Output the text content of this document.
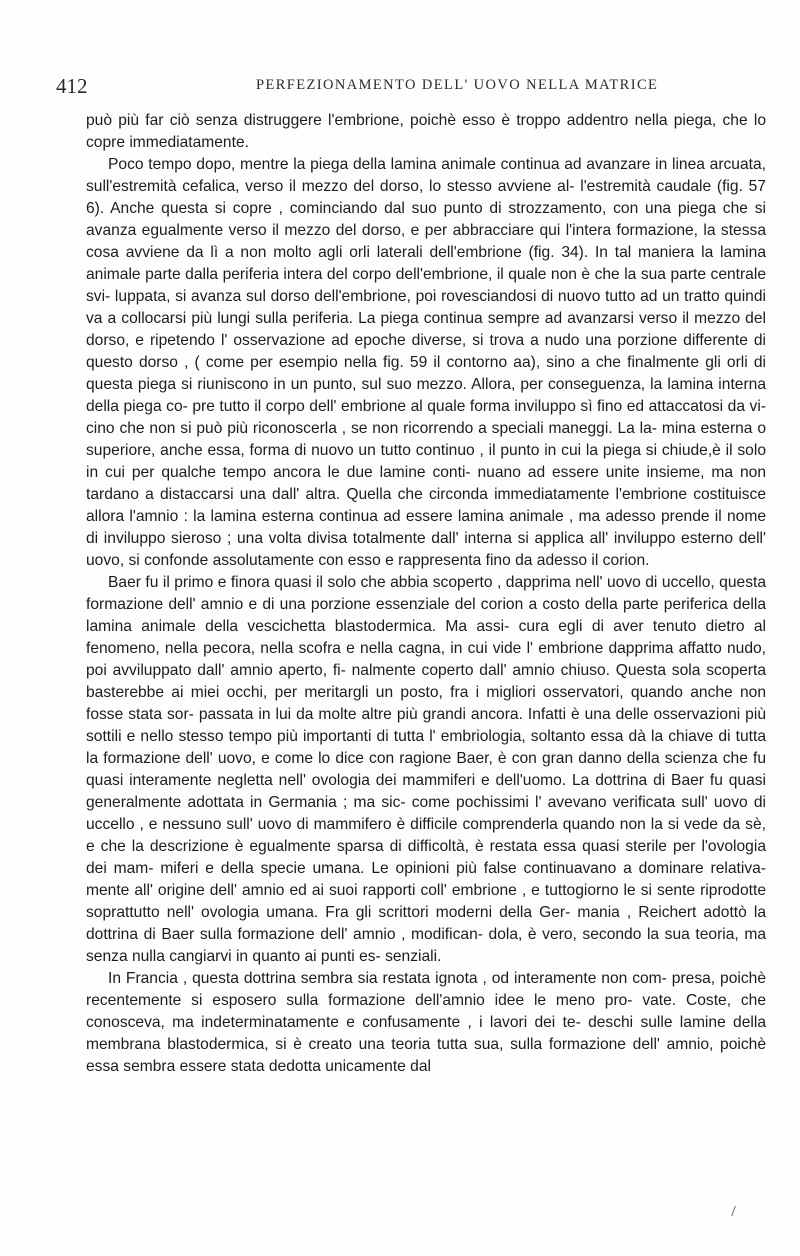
412	PERFEZIONAMENTO DELL' UOVO NELLA MATRICE

può più far ciò senza distruggere l'embrione, poichè esso è troppo addentro nella piega, che lo copre immediatamente.

Poco tempo dopo, mentre la piega della lamina animale continua ad avanzare in linea arcuata, sull'estremità cefalica, verso il mezzo del dorso, lo stesso avviene al- l'estremità caudale (fig. 57 6). Anche questa si copre , cominciando dal suo punto di strozzamento, con una piega che si avanza egualmente verso il mezzo del dorso, e per abbracciare qui l'intera formazione, la stessa cosa avviene da lì a non molto agli orli laterali dell'embrione (fig. 34). In tal maniera la lamina animale parte dalla periferia intera del corpo dell'embrione, il quale non è che la sua parte centrale svi- luppata, si avanza sul dorso dell'embrione, poi rovesciandosi di nuovo tutto ad un tratto quindi va a collocarsi più lungi sulla periferia. La piega continua sempre ad avanzarsi verso il mezzo del dorso, e ripetendo l' osservazione ad epoche diverse, si trova a nudo una porzione differente di questo dorso , ( come per esempio nella fig. 59 il contorno aa), sino a che finalmente gli orli di questa piega si riuniscono in un punto, sul suo mezzo. Allora, per conseguenza, la lamina interna della piega co- pre tutto il corpo dell' embrione al quale forma inviluppo sì fino ed attaccatosi da vi- cino che non si può più riconoscerla , se non ricorrendo a speciali maneggi. La la- mina esterna o superiore, anche essa, forma di nuovo un tutto continuo , il punto in cui la piega si chiude,è il solo in cui per qualche tempo ancora le due lamine conti- nuano ad essere unite insieme, ma non tardano a distaccarsi una dall' altra. Quella che circonda immediatamente l'embrione costituisce allora l'amnio : la lamina esterna continua ad essere lamina animale , ma adesso prende il nome di inviluppo sieroso ; una volta divisa totalmente dall' interna si applica all' inviluppo esterno dell' uovo, si confonde assolutamente con esso e rappresenta fino da adesso il corion.

Baer fu il primo e finora quasi il solo che abbia scoperto , dapprima nell' uovo di uccello, questa formazione dell' amnio e di una porzione essenziale del corion a costo della parte periferica della lamina animale della vescichetta blastodermica. Ma assi- cura egli di aver tenuto dietro al fenomeno, nella pecora, nella scofra e nella cagna, in cui vide l' embrione dapprima affatto nudo, poi avviluppato dall' amnio aperto, fi- nalmente coperto dall' amnio chiuso. Questa sola scoperta basterebbe ai miei occhi, per meritargli un posto, fra i migliori osservatori, quando anche non fosse stata sor- passata in lui da molte altre più grandi ancora. Infatti è una delle osservazioni più sottili e nello stesso tempo più importanti di tutta l' embriologia, soltanto essa dà la chiave di tutta la formazione dell' uovo, e come lo dice con ragione Baer, è con gran danno della scienza che fu quasi interamente negletta nell' ovologia dei mammiferi e dell'uomo. La dottrina di Baer fu quasi generalmente adottata in Germania ; ma sic- come pochissimi l' avevano verificata sull' uovo di uccello , e nessuno sull' uovo di mammifero è difficile comprenderla quando non la si vede da sè, e che la descrizione è egualmente sparsa di difficoltà, è restata essa quasi sterile per l'ovologia dei mam- miferi e della specie umana. Le opinioni più false continuavano a dominare relativa- mente all' origine dell' amnio ed ai suoi rapporti coll' embrione , e tuttogiorno le si sente riprodotte soprattutto nell' ovologia umana. Fra gli scrittori moderni della Ger- mania , Reichert adottò la dottrina di Baer sulla formazione dell' amnio , modifican- dola, è vero, secondo la sua teoria, ma senza nulla cangiarvi in quanto ai punti es- senziali.

In Francia , questa dottrina sembra sia restata ignota , od interamente non com- presa, poichè recentemente si esposero sulla formazione dell'amnio idee le meno pro- vate. Coste, che conosceva, ma indeterminatamente e confusamente , i lavori dei te- deschi sulle lamine della membrana blastodermica, si è creato una teoria tutta sua, sulla formazione dell' amnio, poichè essa sembra essere stata dedotta unicamente dal
